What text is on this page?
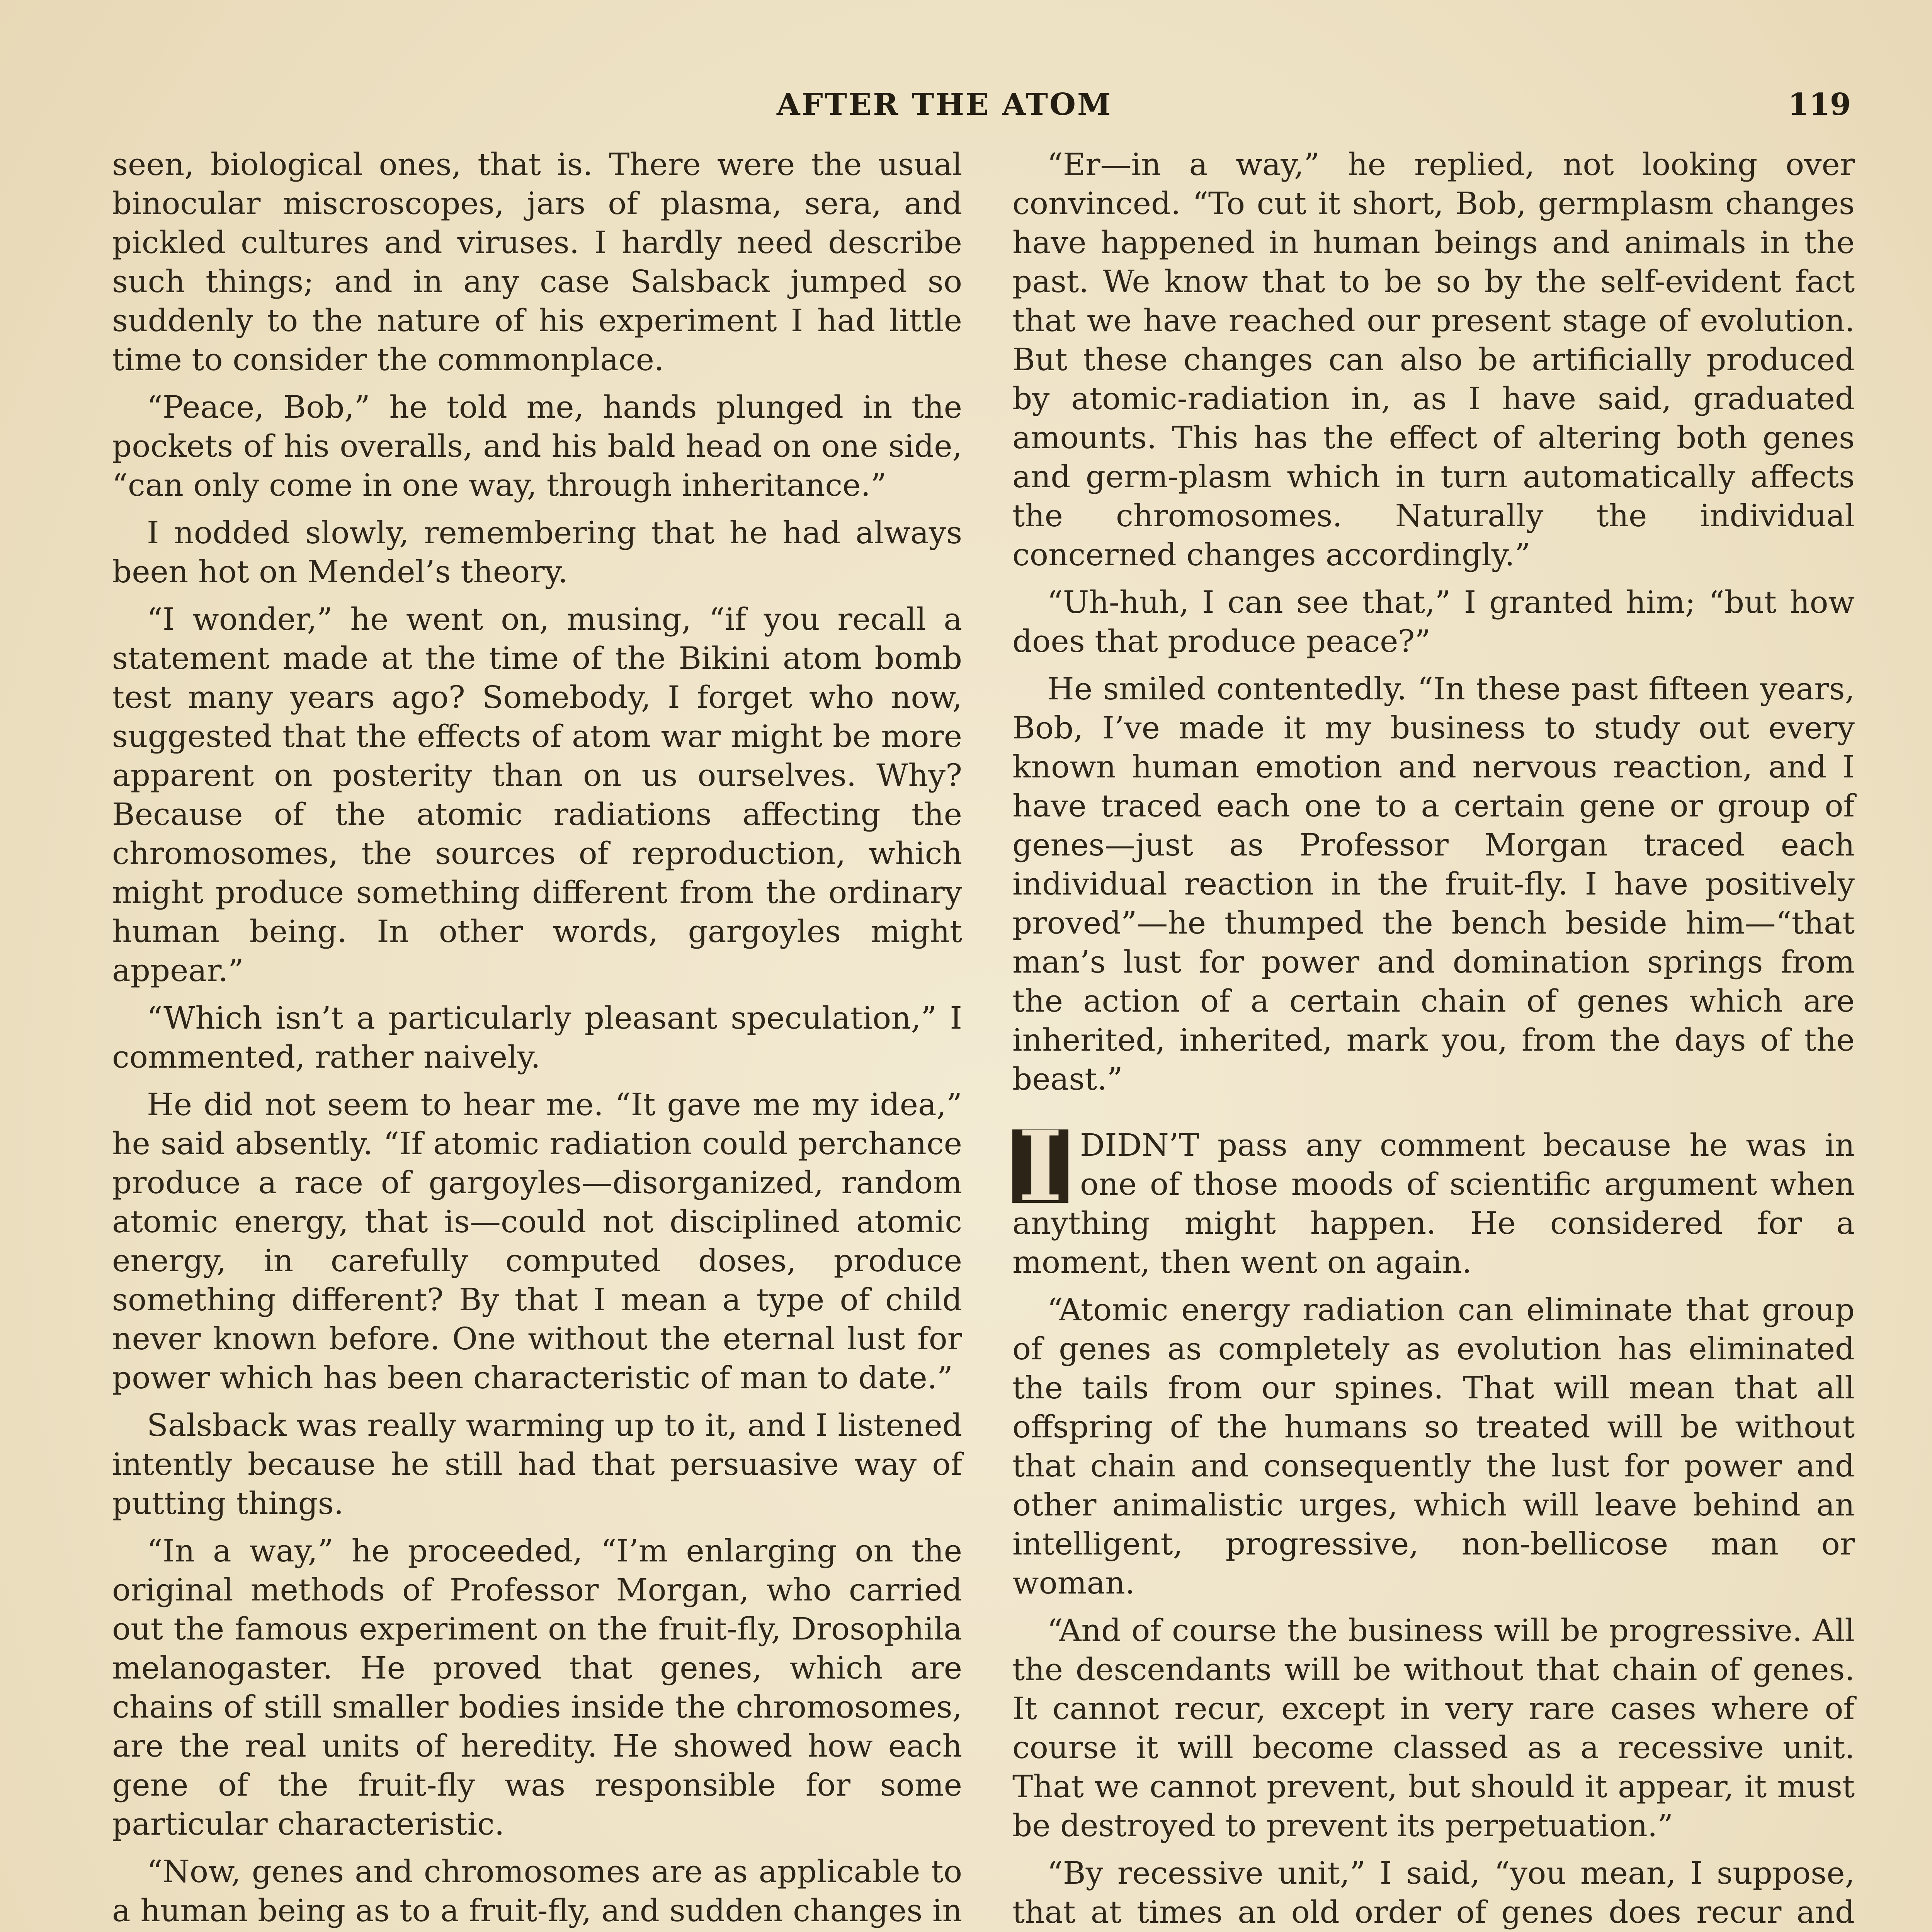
AFTER THE ATOM	119

seen, biological ones, that is. There were the usual binocular miscroscopes, jars of plasma, sera, and pickled cultures and viruses. I hardly need describe such things; and in any case Salsback jumped so suddenly to the nature of his experiment I had little time to consider the commonplace.

“Peace, Bob,” he told me, hands plunged in the pockets of his overalls, and his bald head on one side, “can only come in one way, through inheritance.”

I nodded slowly, remembering that he had always been hot on Mendel’s theory.

“I wonder,” he went on, musing, “if you recall a statement made at the time of the Bikini atom bomb test many years ago? Somebody, I forget who now, suggested that the effects of atom war might be more apparent on posterity than on us ourselves. Why? Because of the atomic radiations affecting the chromosomes, the sources of reproduction, which might produce something different from the ordinary human being. In other words, gargoyles might appear.”

“Which isn’t a particularly pleasant speculation,” I commented, rather naively.

He did not seem to hear me. “It gave me my idea,” he said absently. “If atomic radiation could perchance produce a race of gargoyles—disorganized, random atomic energy, that is—could not disciplined atomic energy, in carefully computed doses, produce something different? By that I mean a type of child never known before. One without the eternal lust for power which has been characteristic of man to date.”

Salsback was really warming up to it, and I listened intently because he still had that persuasive way of putting things.

“In a way,” he proceeded, “I’m enlarging on the original methods of Professor Morgan, who carried out the famous experiment on the fruit-fly, Drosophila melanogaster. He proved that genes, which are chains of still smaller bodies inside the chromosomes, are the real units of heredity. He showed how each gene of the fruit-fly was responsible for some particular characteristic.

“Now, genes and chromosomes are as applicable to a human being as to a fruit-fly, and sudden changes in

“Er—in a way,” he replied, not looking over convinced. “To cut it short, Bob, germplasm changes have happened in human beings and animals in the past. We know that to be so by the self-evident fact that we have reached our present stage of evolution. But these changes can also be artificially produced by atomic-radiation in, as I have said, graduated amounts. This has the effect of altering both genes and germ-plasm which in turn automatically affects the chromosomes. Naturally the individual concerned changes accordingly.”

“Uh-huh, I can see that,” I granted him; “but how does that produce peace?”

He smiled contentedly. “In these past fifteen years, Bob, I’ve made it my business to study out every known human emotion and nervous reaction, and I have traced each one to a certain gene or group of genes—just as Professor Morgan traced each individual reaction in the fruit-fly. I have positively proved”—he thumped the bench beside him—“that man’s lust for power and domination springs from the action of a certain chain of genes which are inherited, inherited, mark you, from the days of the beast.”

I DIDN’T pass any comment because he was in one of those moods of scientific argument when anything might happen. He considered for a moment, then went on again.

“Atomic energy radiation can eliminate that group of genes as completely as evolution has eliminated the tails from our spines. That will mean that all offspring of the humans so treated will be without that chain and consequently the lust for power and other animalistic urges, which will leave behind an intelligent, progressive, non-bellicose man or woman.

“And of course the business will be progressive. All the descendants will be without that chain of genes. It cannot recur, except in very rare cases where of course it will become classed as a recessive unit. That we cannot prevent, but should it appear, it must be destroyed to prevent its perpetuation.”

“By recessive unit,” I said, “you mean, I suppose, that at times an old order of genes does recur and
